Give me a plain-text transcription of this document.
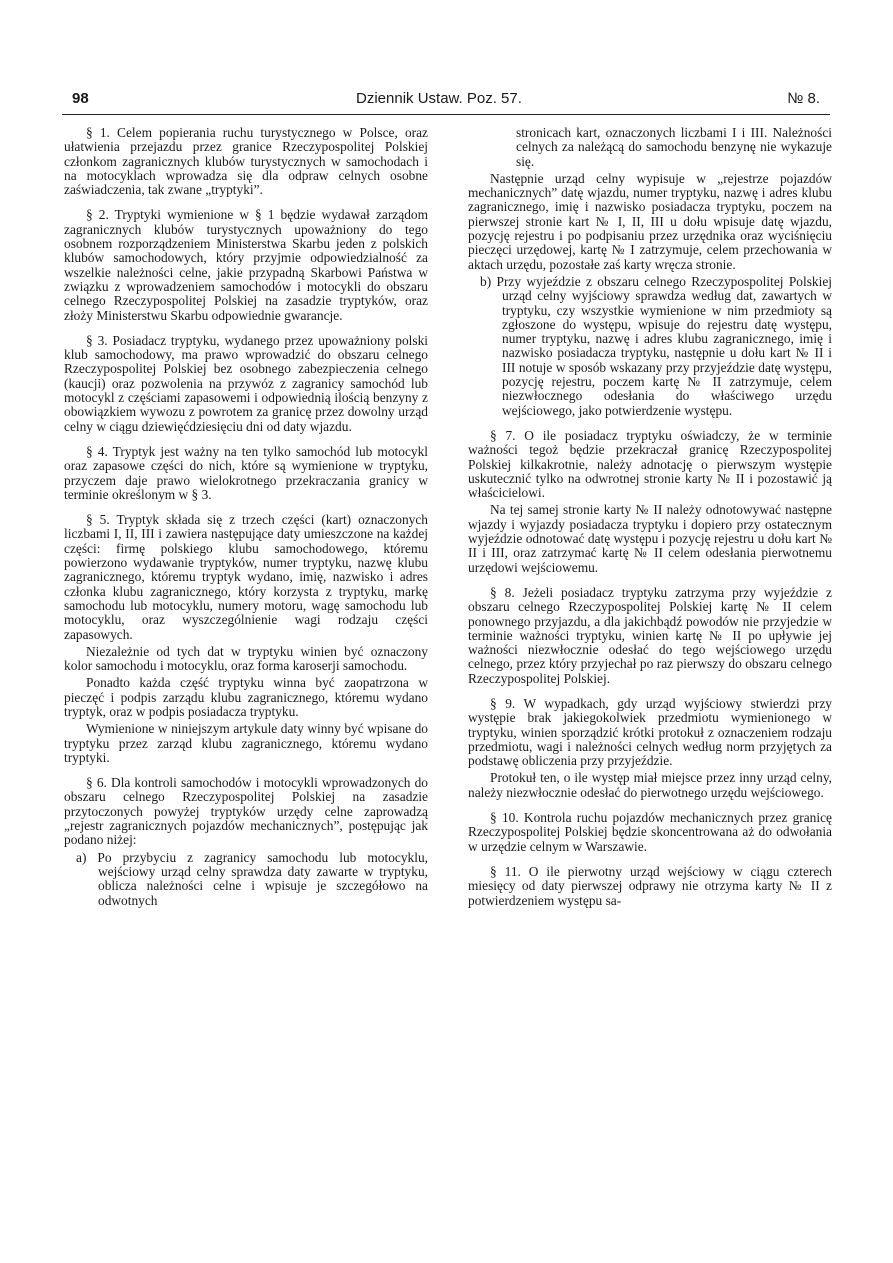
98	Dziennik Ustaw. Poz. 57.	№ 8.

§ 1. Celem popierania ruchu turystycznego w Polsce, oraz ułatwienia przejazdu przez granice Rzeczypospolitej Polskiej członkom zagranicznych klubów turystycznych w samochodach i na motocyklach wprowadza się dla odpraw celnych osobne zaświadczenia, tak zwane „tryptyki”.

§ 2. Tryptyki wymienione w § 1 będzie wydawał zarządom zagranicznych klubów turystycznych upoważniony do tego osobnem rozporządzeniem Ministerstwa Skarbu jeden z polskich klubów samochodowych, który przyjmie odpowiedzialność za wszelkie należności celne, jakie przypadną Skarbowi Państwa w związku z wprowadzeniem samochodów i motocykli do obszaru celnego Rzeczypospolitej Polskiej na zasadzie tryptyków, oraz złoży Ministerstwu Skarbu odpowiednie gwarancje.

§ 3. Posiadacz tryptyku, wydanego przez upoważniony polski klub samochodowy, ma prawo wprowadzić do obszaru celnego Rzeczypospolitej Polskiej bez osobnego zabezpieczenia celnego (kaucji) oraz pozwolenia na przywóz z zagranicy samochód lub motocykl z częściami zapasowemi i odpowiednią ilością benzyny z obowiązkiem wywozu z powrotem za granicę przez dowolny urząd celny w ciągu dziewięćdziesięciu dni od daty wjazdu.

§ 4. Tryptyk jest ważny na ten tylko samochód lub motocykl oraz zapasowe części do nich, które są wymienione w tryptyku, przyczem daje prawo wielokrotnego przekraczania granicy w terminie określonym w § 3.

§ 5. Tryptyk składa się z trzech części (kart) oznaczonych liczbami I, II, III i zawiera następujące daty umieszczone na każdej części: firmę polskiego klubu samochodowego, któremu powierzono wydawanie tryptyków, numer tryptyku, nazwę klubu zagranicznego, któremu tryptyk wydano, imię, nazwisko i adres członka klubu zagranicznego, który korzysta z tryptyku, markę samochodu lub motocyklu, numery motoru, wagę samochodu lub motocyklu, oraz wyszczególnienie wagi rodzaju części zapasowych.

Niezależnie od tych dat w tryptyku winien być oznaczony kolor samochodu i motocyklu, oraz forma karoserji samochodu.

Ponadto każda część tryptyku winna być zaopatrzona w pieczęć i podpis zarządu klubu zagranicznego, któremu wydano tryptyk, oraz w podpis posiadacza tryptyku.

Wymienione w niniejszym artykule daty winny być wpisane do tryptyku przez zarząd klubu zagranicznego, któremu wydano tryptyki.

§ 6. Dla kontroli samochodów i motocykli wprowadzonych do obszaru celnego Rzeczypospolitej Polskiej na zasadzie przytoczonych powyżej tryptyków urzędy celne zaprowadzą „rejestr zagranicznych pojazdów mechanicznych”, postępując jak podano niżej:

a) Po przybyciu z zagranicy samochodu lub motocyklu, wejściowy urząd celny sprawdza daty zawarte w tryptyku, oblicza należności celne i wpisuje je szczegółowo na odwotnych

stronicach kart, oznaczonych liczbami I i III. Należności celnych za należącą do samochodu benzynę nie wykazuje się.

Następnie urząd celny wypisuje w „rejestrze pojazdów mechanicznych” datę wjazdu, numer tryptyku, nazwę i adres klubu zagranicznego, imię i nazwisko posiadacza tryptyku, poczem na pierwszej stronie kart № I, II, III u dołu wpisuje datę wjazdu, pozycję rejestru i po podpisaniu przez urzędnika oraz wyciśnięciu pieczęci urzędowej, kartę № I zatrzymuje, celem przechowania w aktach urzędu, pozostałe zaś karty wręcza stronie.

b) Przy wyjeździe z obszaru celnego Rzeczypospolitej Polskiej urząd celny wyjściowy sprawdza według dat, zawartych w tryptyku, czy wszystkie wymienione w nim przedmioty są zgłoszone do występu, wpisuje do rejestru datę występu, numer tryptyku, nazwę i adres klubu zagranicznego, imię i nazwisko posiadacza tryptyku, następnie u dołu kart № II i III notuje w sposób wskazany przy przyjeździe datę występu, pozycję rejestru, poczem kartę № II zatrzymuje, celem niezwłocznego odesłania do właściwego urzędu wejściowego, jako potwierdzenie występu.

§ 7. O ile posiadacz tryptyku oświadczy, że w terminie ważności tegoż będzie przekraczał granicę Rzeczypospolitej Polskiej kilkakrotnie, należy adnotację o pierwszym występie uskutecznić tylko na odwrotnej stronie karty № II i pozostawić ją właścicielowi.

Na tej samej stronie karty № II należy odnotowywać następne wjazdy i wyjazdy posiadacza tryptyku i dopiero przy ostatecznym wyjeździe odnotować datę występu i pozycję rejestru u dołu kart № II i III, oraz zatrzymać kartę № II celem odesłania pierwotnemu urzędowi wejściowemu.

§ 8. Jeżeli posiadacz tryptyku zatrzyma przy wyjeździe z obszaru celnego Rzeczypospolitej Polskiej kartę № II celem ponownego przyjazdu, a dla jakichbądź powodów nie przyjedzie w terminie ważności tryptyku, winien kartę № II po upływie jej ważności niezwłocznie odesłać do tego wejściowego urzędu celnego, przez który przyjechał po raz pierwszy do obszaru celnego Rzeczypospolitej Polskiej.

§ 9. W wypadkach, gdy urząd wyjściowy stwierdzi przy występie brak jakiegokolwiek przedmiotu wymienionego w tryptyku, winien sporządzić krótki protokuł z oznaczeniem rodzaju przedmiotu, wagi i należności celnych według norm przyjętych za podstawę obliczenia przy przyjeździe.

Protokuł ten, o ile występ miał miejsce przez inny urząd celny, należy niezwłocznie odesłać do pierwotnego urzędu wejściowego.

§ 10. Kontrola ruchu pojazdów mechanicznych przez granicę Rzeczypospolitej Polskiej będzie skoncentrowana aż do odwołania w urzędzie celnym w Warszawie.

§ 11. O ile pierwotny urząd wejściowy w ciągu czterech miesięcy od daty pierwszej odprawy nie otrzyma karty № II z potwierdzeniem występu sa-
